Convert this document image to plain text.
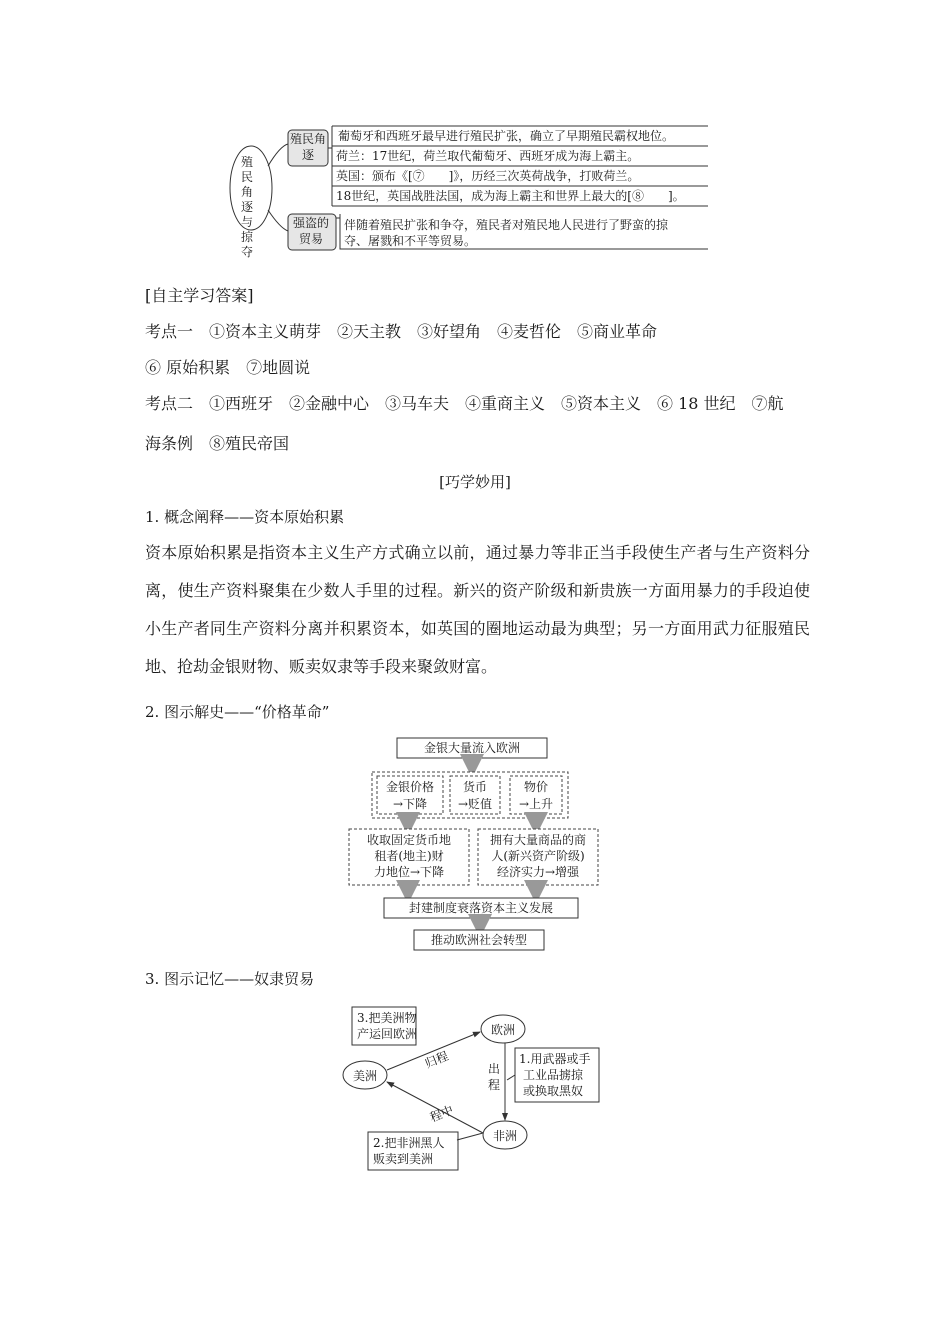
葡萄牙和西班牙最早进行殖民扩张，确立了早期殖民霸权地位。
荷兰：17世纪，荷兰取代葡萄牙、西班牙成为海上霸主。
英国：颁布《[⑦　　]》，历经三次英荷战争，打败荷兰。
18世纪，英国战胜法国，成为海上霸主和世界上最大的[⑧　　]。
伴随着殖民扩张和争夺，殖民者对殖民地人民进行了野蛮的掠
夺、屠戮和不平等贸易。
殖民角逐与掠夺
殖民角逐
强盗的贸易
[自主学习答案]
考点一　①资本主义萌芽　②天主教　③好望角　④麦哲伦　⑤商业革命
⑥ 原始积累　⑦地圆说
考点二　①西班牙　②金融中心　③马车夫　④重商主义　⑤资本主义　⑥ 18 世纪　⑦航
海条例　⑧殖民帝国
[巧学妙用]
1. 概念阐释——资本原始积累
资本原始积累是指资本主义生产方式确立以前，通过暴力等非正当手段使生产者与生产资料分离，使生产资料聚集在少数人手里的过程。新兴的资产阶级和新贵族一方面用暴力的手段迫使小生产者同生产资料分离并积累资本，如英国的圈地运动最为典型；另一方面用武力征服殖民地、抢劫金银财物、贩卖奴隶等手段来聚敛财富。
2. 图示解史——“价格革命”
金银大量流入欧洲
金银价格
→下降
货币
→贬值
物价
→上升
收取固定货币地
租者(地主)财
力地位→下降
拥有大量商品的商
人(新兴资产阶级)
经济实力→增强
封建制度衰落资本主义发展
推动欧洲社会转型
3. 图示记忆——奴隶贸易
欧洲
美洲
非洲
3.把美洲物
产运回欧洲
1.用武器或手
工业品掳掠
或换取黑奴
2.把非洲黑人
贩卖到美洲
归程	出
程
程中
